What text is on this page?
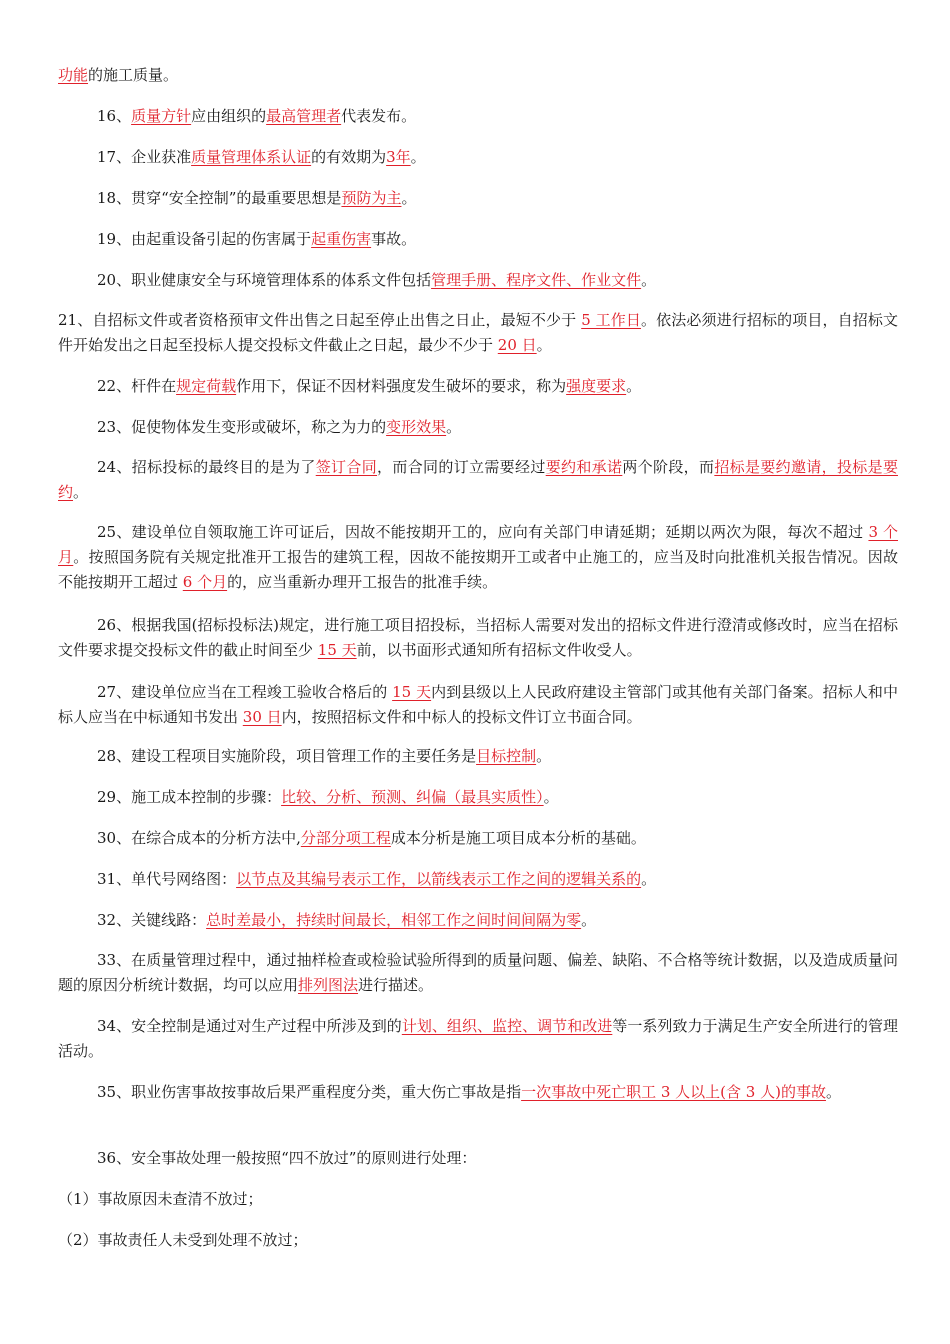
功能的施工质量。
16、质量方针应由组织的最高管理者代表发布。
17、企业获准质量管理体系认证的有效期为3年。
18、贯穿“安全控制”的最重要思想是预防为主。
19、由起重设备引起的伤害属于起重伤害事故。
20、职业健康安全与环境管理体系的体系文件包括管理手册、程序文件、作业文件。
21、自招标文件或者资格预审文件出售之日起至停止出售之日止，最短不少于 5 工作日。依法必须进行招标的项目，自招标文件开始发出之日起至投标人提交投标文件截止之日起，最少不少于 20 日。
22、杆件在规定荷载作用下，保证不因材料强度发生破坏的要求，称为强度要求。
23、促使物体发生变形或破坏，称之为力的变形效果。
24、招标投标的最终目的是为了签订合同，而合同的订立需要经过要约和承诺两个阶段，而招标是要约邀请，投标是要约。
25、建设单位自领取施工许可证后，因故不能按期开工的，应向有关部门申请延期；延期以两次为限，每次不超过 3 个月。按照国务院有关规定批准开工报告的建筑工程，因故不能按期开工或者中止施工的，应当及时向批准机关报告情况。因故不能按期开工超过 6 个月的，应当重新办理开工报告的批准手续。
26、根据我国(招标投标法)规定，进行施工项目招投标，当招标人需要对发出的招标文件进行澄清或修改时，应当在招标文件要求提交投标文件的截止时间至少 15 天前，以书面形式通知所有招标文件收受人。
27、建设单位应当在工程竣工验收合格后的 15 天内到县级以上人民政府建设主管部门或其他有关部门备案。招标人和中标人应当在中标通知书发出 30 日内，按照招标文件和中标人的投标文件订立书面合同。
28、建设工程项目实施阶段，项目管理工作的主要任务是目标控制。
29、施工成本控制的步骤：比较、分析、预测、纠偏（最具实质性）。
30、在综合成本的分析方法中,分部分项工程成本分析是施工项目成本分析的基础。
31、单代号网络图：以节点及其编号表示工作，以箭线表示工作之间的逻辑关系的。
32、关键线路：总时差最小，持续时间最长，相邻工作之间时间间隔为零。
33、在质量管理过程中，通过抽样检查或检验试验所得到的质量问题、偏差、缺陷、不合格等统计数据，以及造成质量问题的原因分析统计数据，均可以应用排列图法进行描述。
34、安全控制是通过对生产过程中所涉及到的计划、组织、监控、调节和改进等一系列致力于满足生产安全所进行的管理活动。
35、职业伤害事故按事故后果严重程度分类，重大伤亡事故是指一次事故中死亡职工 3 人以上(含 3 人)的事故。
36、安全事故处理一般按照“四不放过”的原则进行处理：
（1）事故原因未查清不放过；
（2）事故责任人未受到处理不放过；
